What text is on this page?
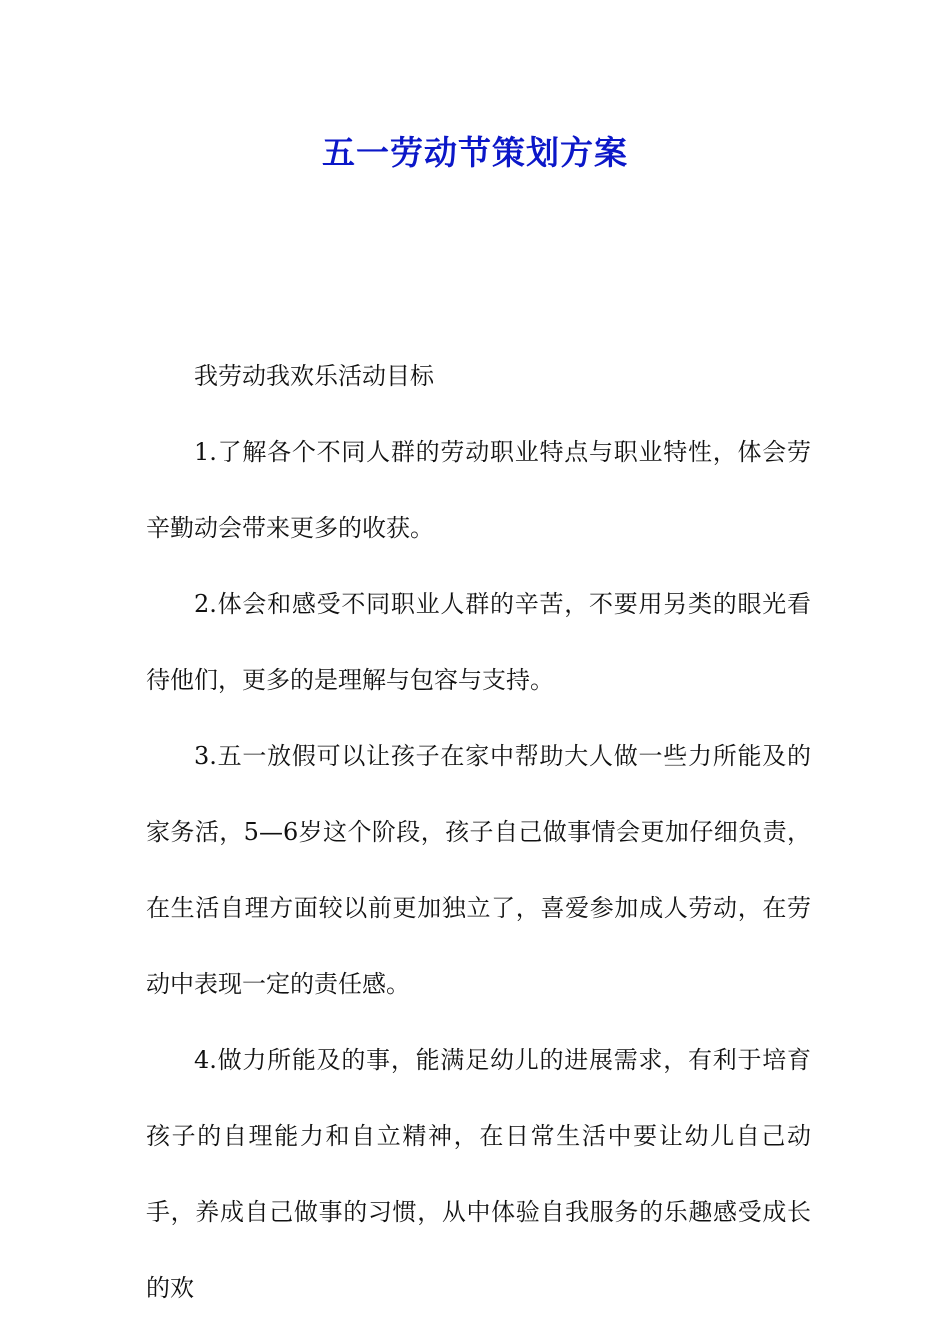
五一劳动节策划方案

我劳动我欢乐活动目标

1.了解各个不同人群的劳动职业特点与职业特性，体会劳辛勤动会带来更多的收获。

2.体会和感受不同职业人群的辛苦，不要用另类的眼光看待他们，更多的是理解与包容与支持。

3.五一放假可以让孩子在家中帮助大人做一些力所能及的家务活，5—6岁这个阶段，孩子自己做事情会更加仔细负责，在生活自理方面较以前更加独立了，喜爱参加成人劳动，在劳动中表现一定的责任感。

4.做力所能及的事，能满足幼儿的进展需求，有利于培育孩子的自理能力和自立精神，在日常生活中要让幼儿自己动手，养成自己做事的习惯，从中体验自我服务的乐趣感受成长的欢
